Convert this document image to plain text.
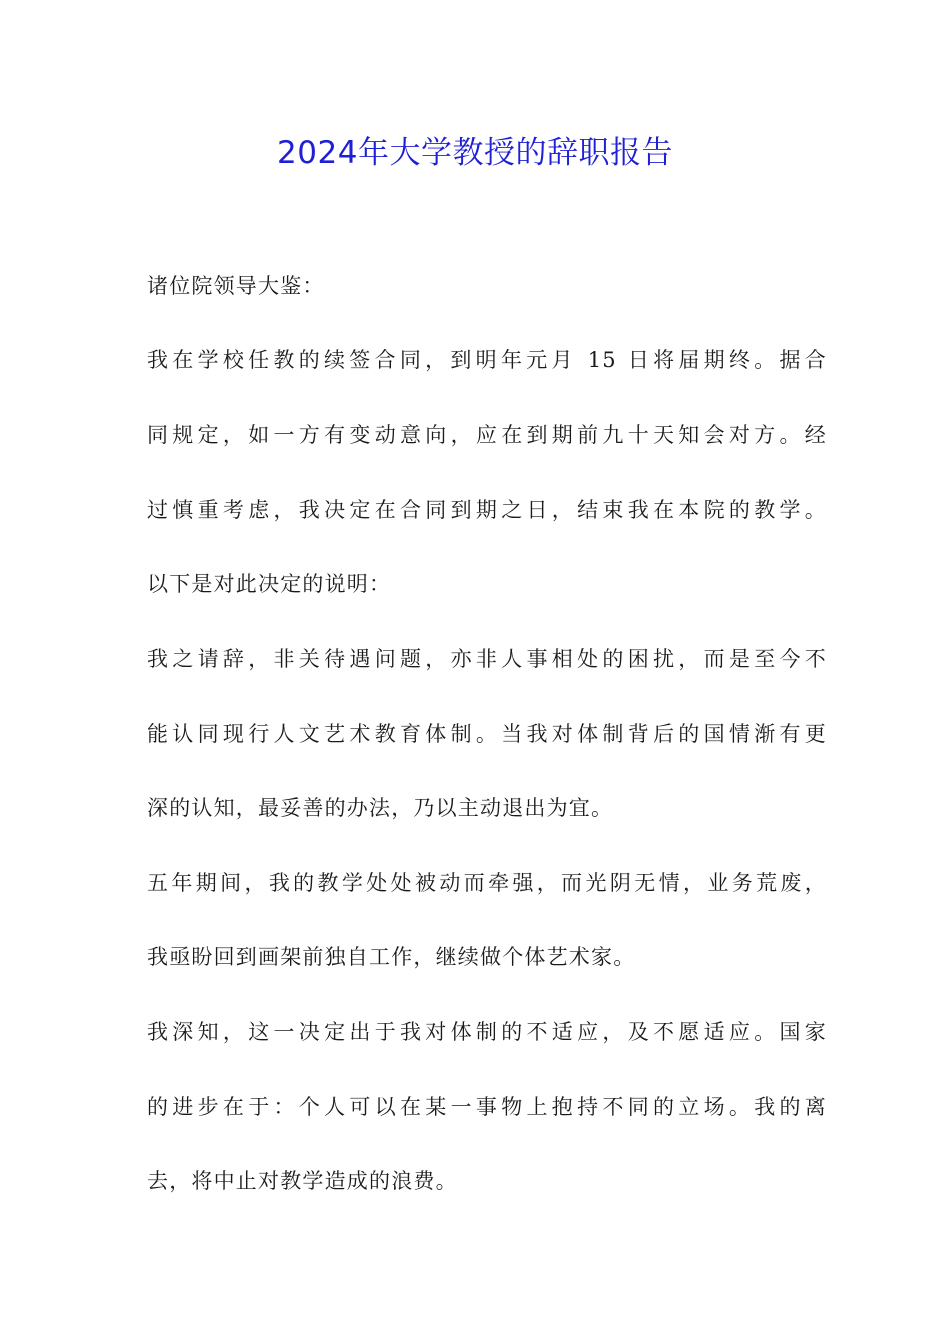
2024年大学教授的辞职报告
诸位院领导大鉴：
我在学校任教的续签合同，到明年元月 15 日将届期终。据合
同规定，如一方有变动意向，应在到期前九十天知会对方。经
过慎重考虑，我决定在合同到期之日，结束我在本院的教学。
以下是对此决定的说明：
我之请辞，非关待遇问题，亦非人事相处的困扰，而是至今不
能认同现行人文艺术教育体制。当我对体制背后的国情渐有更
深的认知，最妥善的办法，乃以主动退出为宜。
五年期间，我的教学处处被动而牵强，而光阴无情，业务荒废，
我亟盼回到画架前独自工作，继续做个体艺术家。
我深知，这一决定出于我对体制的不适应，及不愿适应。国家
的进步在于：个人可以在某一事物上抱持不同的立场。我的离
去，将中止对教学造成的浪费。
